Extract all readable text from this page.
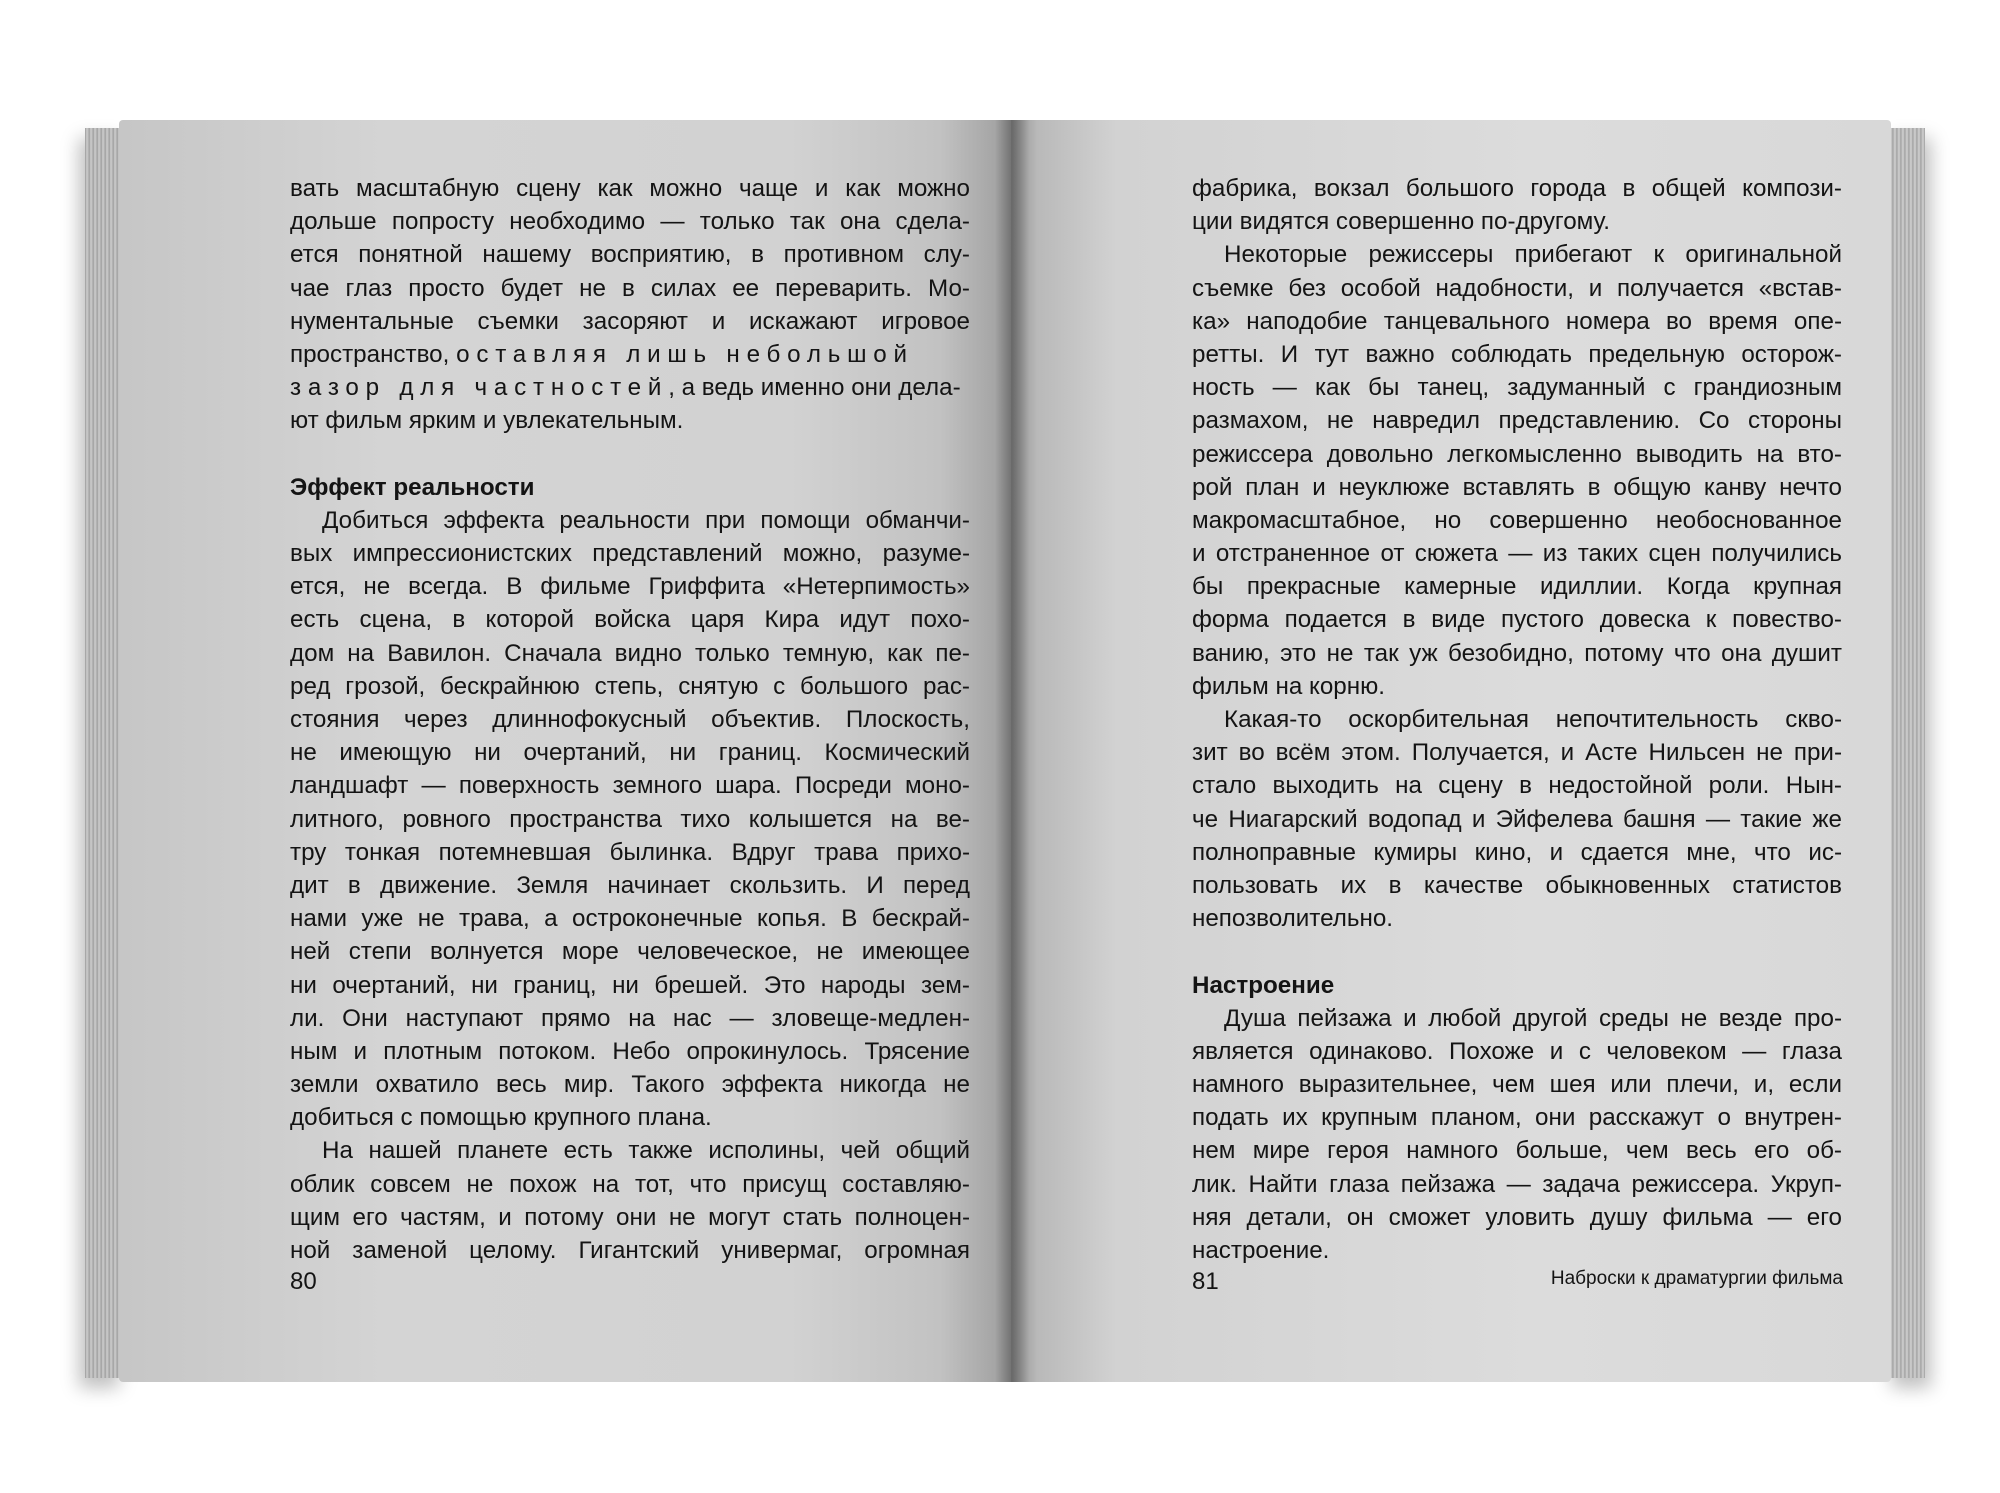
вать масштабную сцену как можно чаще и как можно
дольше попросту необходимо — только так она сдела-
ется понятной нашему восприятию, в противном слу-
чае глаз просто будет не в силах ее переварить. Мо-
нументальные съемки засоряют и искажают игровое
пространство, оставляя лишь небольшой
зазор для частностей, а ведь именно они дела-
ют фильм ярким и увлекательным.
Эффект реальности
Добиться эффекта реальности при помощи обманчи-
вых импрессионистских представлений можно, разуме-
ется, не всегда. В фильме Гриффита «Нетерпимость»
есть сцена, в которой войска царя Кира идут похо-
дом на Вавилон. Сначала видно только темную, как пе-
ред грозой, бескрайнюю степь, снятую с большого рас-
стояния через длиннофокусный объектив. Плоскость,
не имеющую ни очертаний, ни границ. Космический
ландшафт — поверхность земного шара. Посреди моно-
литного, ровного пространства тихо колышется на ве-
тру тонкая потемневшая былинка. Вдруг трава прихо-
дит в движение. Земля начинает скользить. И перед
нами уже не трава, а остроконечные копья. В бескрай-
ней степи волнуется море человеческое, не имеющее
ни очертаний, ни границ, ни брешей. Это народы зем-
ли. Они наступают прямо на нас — зловеще-медлен-
ным и плотным потоком. Небо опрокинулось. Трясение
земли охватило весь мир. Такого эффекта никогда не
добиться с помощью крупного плана.
На нашей планете есть также исполины, чей общий
облик совсем не похож на тот, что присущ составляю-
щим его частям, и потому они не могут стать полноцен-
ной заменой целому. Гигантский универмаг, огромная
80
фабрика, вокзал большого города в общей компози-
ции видятся совершенно по-другому.
Некоторые режиссеры прибегают к оригинальной
съемке без особой надобности, и получается «встав-
ка» наподобие танцевального номера во время опе-
ретты. И тут важно соблюдать предельную осторож-
ность — как бы танец, задуманный с грандиозным
размахом, не навредил представлению. Со стороны
режиссера довольно легкомысленно выводить на вто-
рой план и неуклюже вставлять в общую канву нечто
макромасштабное, но совершенно необоснованное
и отстраненное от сюжета — из таких сцен получились
бы прекрасные камерные идиллии. Когда крупная
форма подается в виде пустого довеска к повество-
ванию, это не так уж безобидно, потому что она душит
фильм на корню.
Какая-то оскорбительная непочтительность скво-
зит во всём этом. Получается, и Асте Нильсен не при-
стало выходить на сцену в недостойной роли. Нын-
че Ниагарский водопад и Эйфелева башня — такие же
полноправные кумиры кино, и сдается мне, что ис-
пользовать их в качестве обыкновенных статистов
непозволительно.
Настроение
Душа пейзажа и любой другой среды не везде про-
являетcя одинаково. Похоже и с человеком — глаза
намного выразительнее, чем шея или плечи, и, если
подать их крупным планом, они расскажут о внутрен-
нем мире героя намного больше, чем весь его об-
лик. Найти глаза пейзажа — задача режиссера. Укруп-
няя детали, он сможет уловить душу фильма — его
настроение.
81	Наброски к драматургии фильма
